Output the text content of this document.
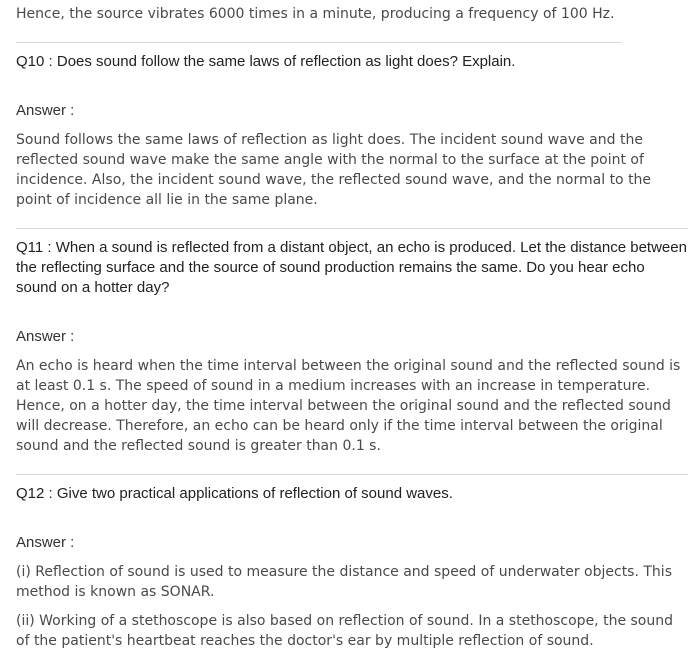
Hence, the source vibrates 6000 times in a minute, producing a frequency of 100 Hz.

Q10 : Does sound follow the same laws of reflection as light does? Explain.

Answer :

Sound follows the same laws of reflection as light does. The incident sound wave and the reflected sound wave make the same angle with the normal to the surface at the point of incidence. Also, the incident sound wave, the reflected sound wave, and the normal to the point of incidence all lie in the same plane.

Q11 : When a sound is reflected from a distant object, an echo is produced. Let the distance between the reflecting surface and the source of sound production remains the same. Do you hear echo sound on a hotter day?

Answer :

An echo is heard when the time interval between the original sound and the reflected sound is at least 0.1 s. The speed of sound in a medium increases with an increase in temperature. Hence, on a hotter day, the time interval between the original sound and the reflected sound will decrease. Therefore, an echo can be heard only if the time interval between the original sound and the reflected sound is greater than 0.1 s.

Q12 : Give two practical applications of reflection of sound waves.

Answer :

(i) Reflection of sound is used to measure the distance and speed of underwater objects. This method is known as SONAR.

(ii) Working of a stethoscope is also based on reflection of sound. In a stethoscope, the sound of the patient's heartbeat reaches the doctor's ear by multiple reflection of sound.
